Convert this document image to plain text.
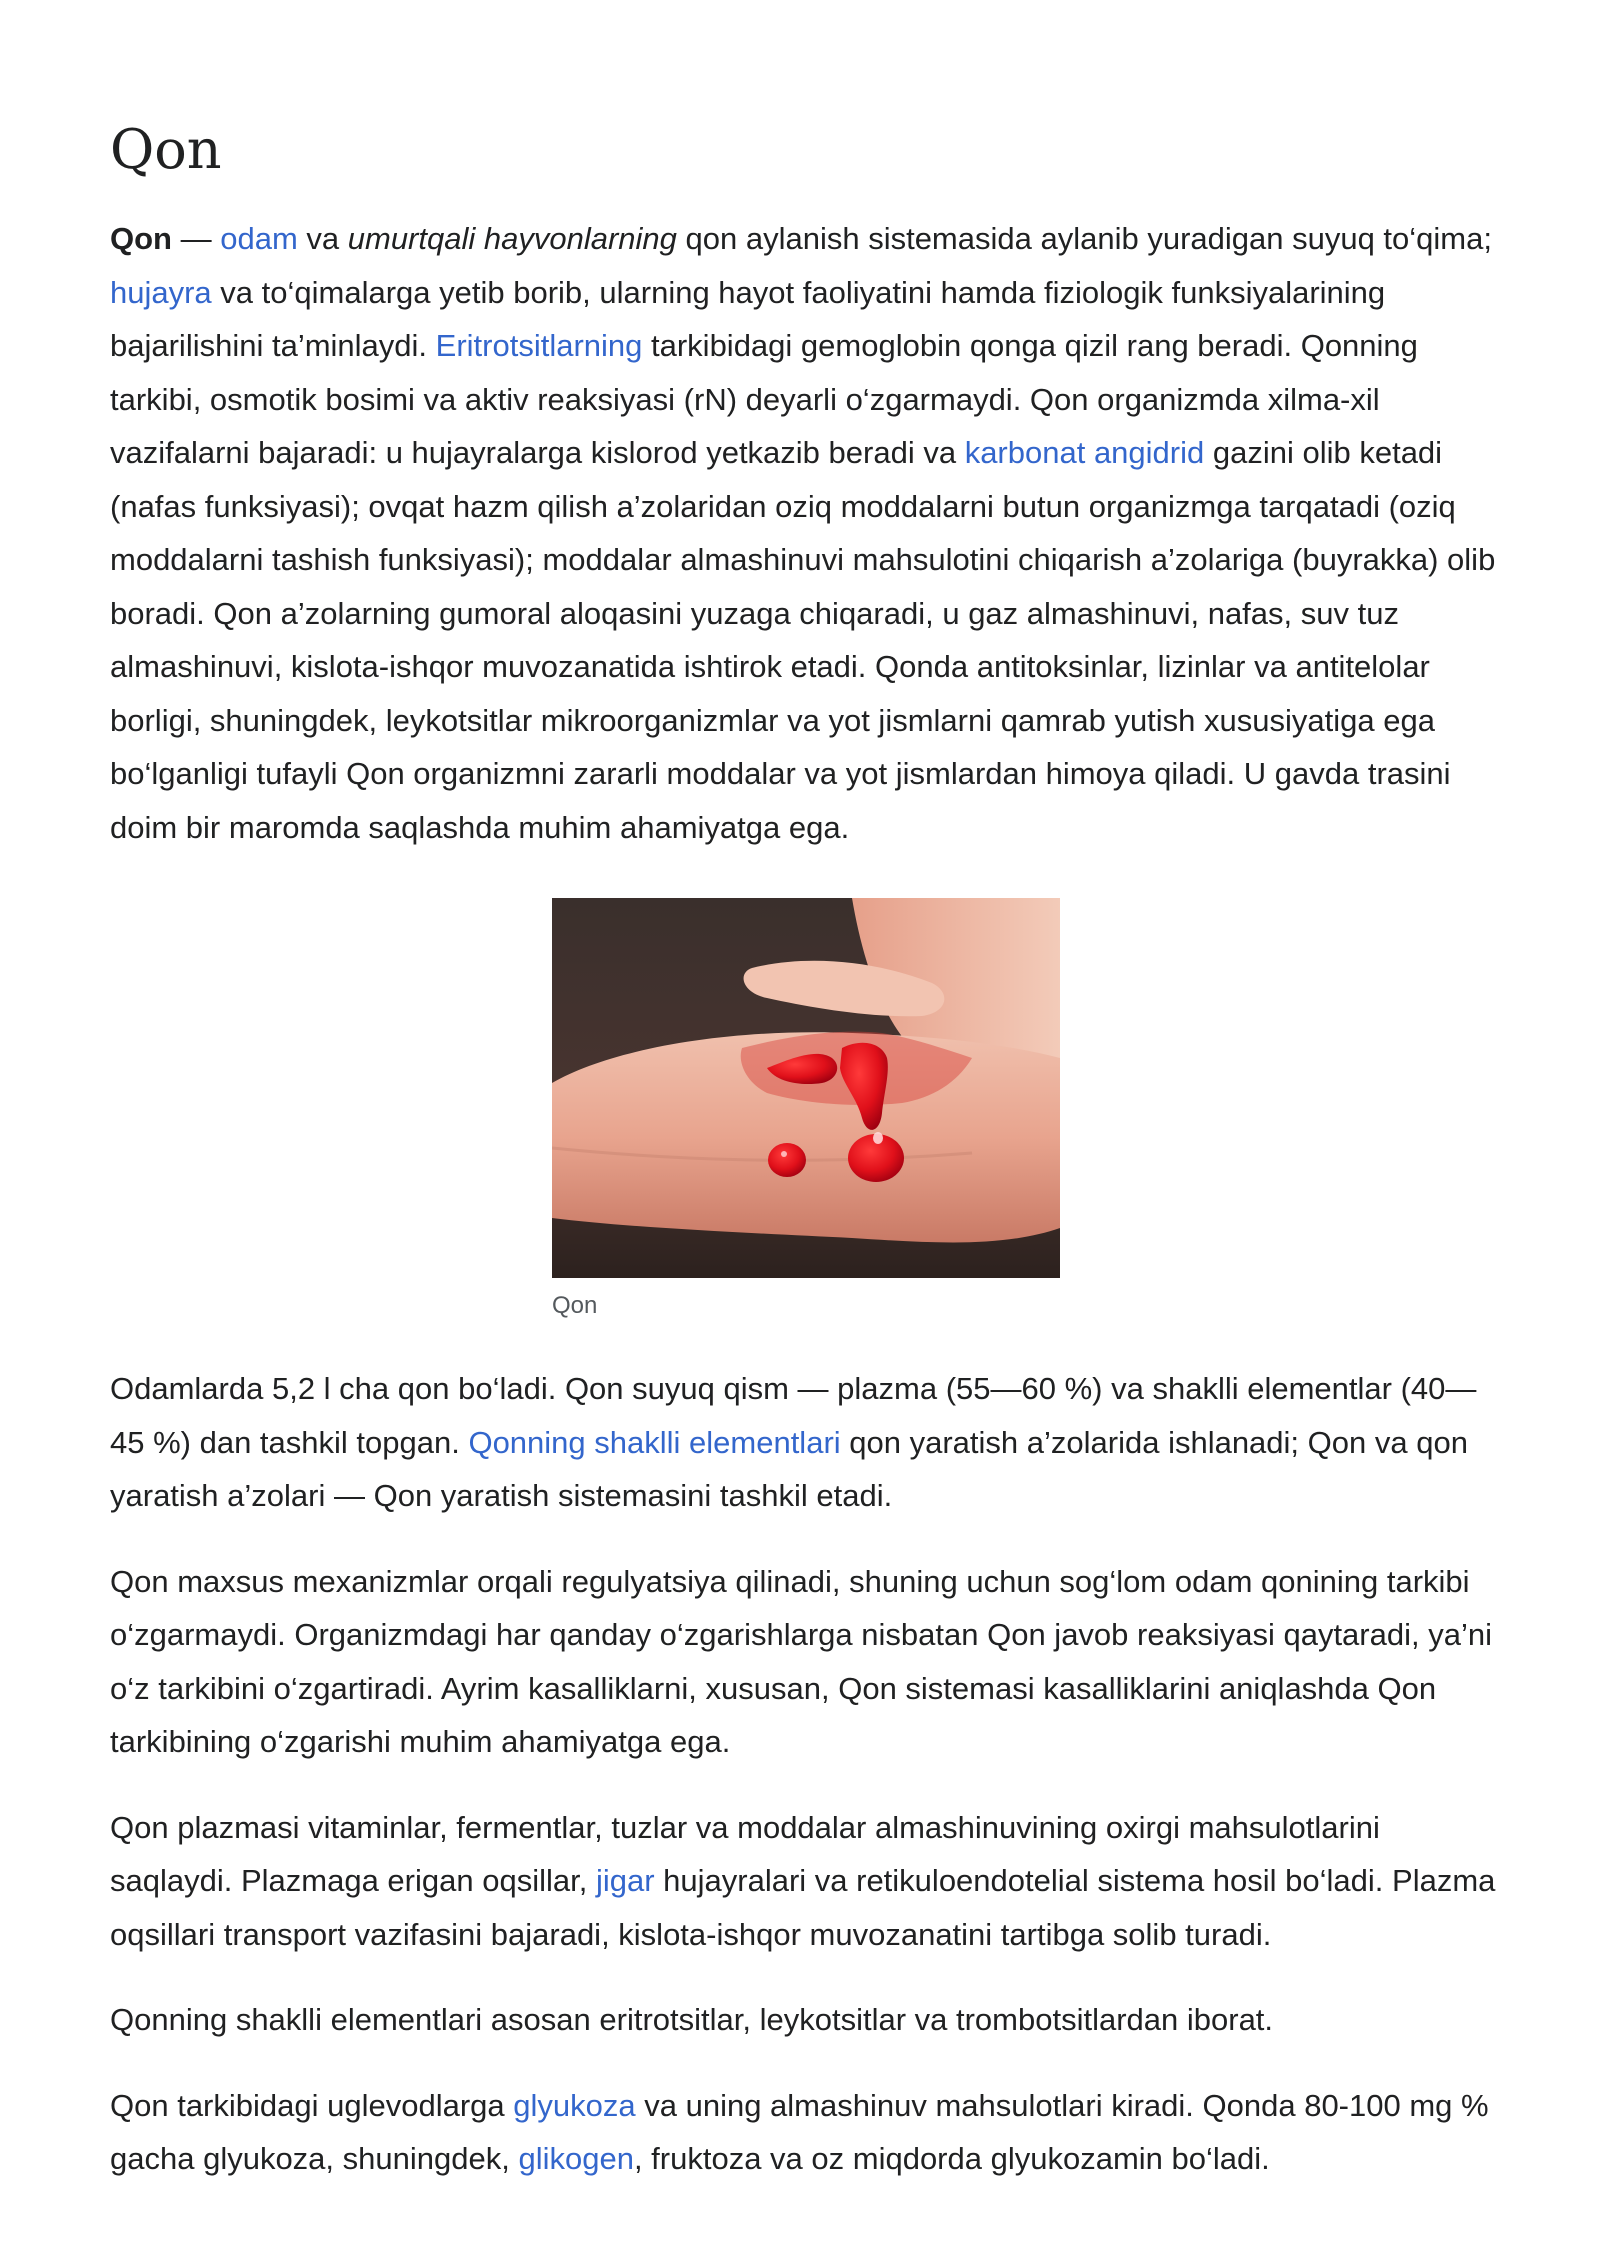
Qon

Qon — odam va umurtqali hayvonlarning qon aylanish sistemasida aylanib yuradigan suyuq to‘qima; hujayra va to‘qimalarga yetib borib, ularning hayot faoliyatini hamda fiziologik funksiyalarining bajarilishini ta’minlaydi. Eritrotsitlarning tarkibidagi gemoglobin qonga qizil rang beradi. Qonning tarkibi, osmotik bosimi va aktiv reaksiyasi (rN) deyarli o‘zgarmaydi. Qon organizmda xilma-xil vazifalarni bajaradi: u hujayralarga kislorod yetkazib beradi va karbonat angidrid gazini olib ketadi (nafas funksiyasi); ovqat hazm qilish a’zolaridan oziq moddalarni butun organizmga tarqatadi (oziq moddalarni tashish funksiyasi); moddalar almashinuvi mahsulotini chiqarish a’zolariga (buyrakka) olib boradi. Qon a’zolarning gumoral aloqasini yuzaga chiqaradi, u gaz almashinuvi, nafas, suv tuz almashinuvi, kislota-ishqor muvozanatida ishtirok etadi. Qonda antitoksinlar, lizinlar va antitelolar borligi, shuningdek, leykotsitlar mikroorganizmlar va yot jismlarni qamrab yutish xususiyatiga ega bo‘lganligi tufayli Qon organizmni zararli moddalar va yot jismlardan himoya qiladi. U gavda trasini doim bir maromda saqlashda muhim ahamiyatga ega.

Qon

Odamlarda 5,2 l cha qon bo‘ladi. Qon suyuq qism — plazma (55—60 %) va shaklli elementlar (40—45 %) dan tashkil topgan. Qonning shaklli elementlari qon yaratish a’zolarida ishlanadi; Qon va qon yaratish a’zolari — Qon yaratish sistemasini tashkil etadi.

Qon maxsus mexanizmlar orqali regulyatsiya qilinadi, shuning uchun sog‘lom odam qonining tarkibi o‘zgarmaydi. Organizmdagi har qanday o‘zgarishlarga nisbatan Qon javob reaksiyasi qaytaradi, ya’ni o‘z tarkibini o‘zgartiradi. Ayrim kasalliklarni, xususan, Qon sistemasi kasalliklarini aniqlashda Qon tarkibining o‘zgarishi muhim ahamiyatga ega.

Qon plazmasi vitaminlar, fermentlar, tuzlar va moddalar almashinuvining oxirgi mahsulotlarini saqlaydi. Plazmaga erigan oqsillar, jigar hujayralari va retikuloendotelial sistema hosil bo‘ladi. Plazma oqsillari transport vazifasini bajaradi, kislota-ishqor muvozanatini tartibga solib turadi.

Qonning shaklli elementlari asosan eritrotsitlar, leykotsitlar va trombotsitlardan iborat.

Qon tarkibidagi uglevodlarga glyukoza va uning almashinuv mahsulotlari kiradi. Qonda 80-100 mg % gacha glyukoza, shuningdek, glikogen, fruktoza va oz miqdorda glyukozamin bo‘ladi.
